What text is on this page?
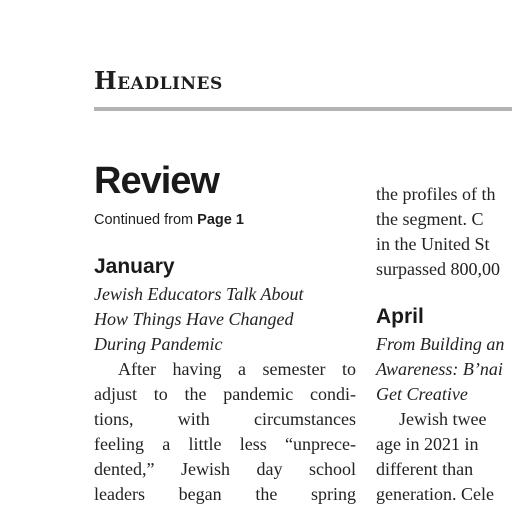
Headlines
Review
Continued from Page 1
January
Jewish Educators Talk About
How Things Have Changed
During Pandemic
After having a semester to
adjust to the pandemic condi-
tions, with circumstances
feeling a little less “unprece-
dented,” Jewish day school
leaders began the spring
the profiles of th
the segment. C
in the United St
surpassed 800,00
April
From Building an
Awareness: B’nai
Get Creative
Jewish twee
age in 2021 in
different than
generation. Cele
